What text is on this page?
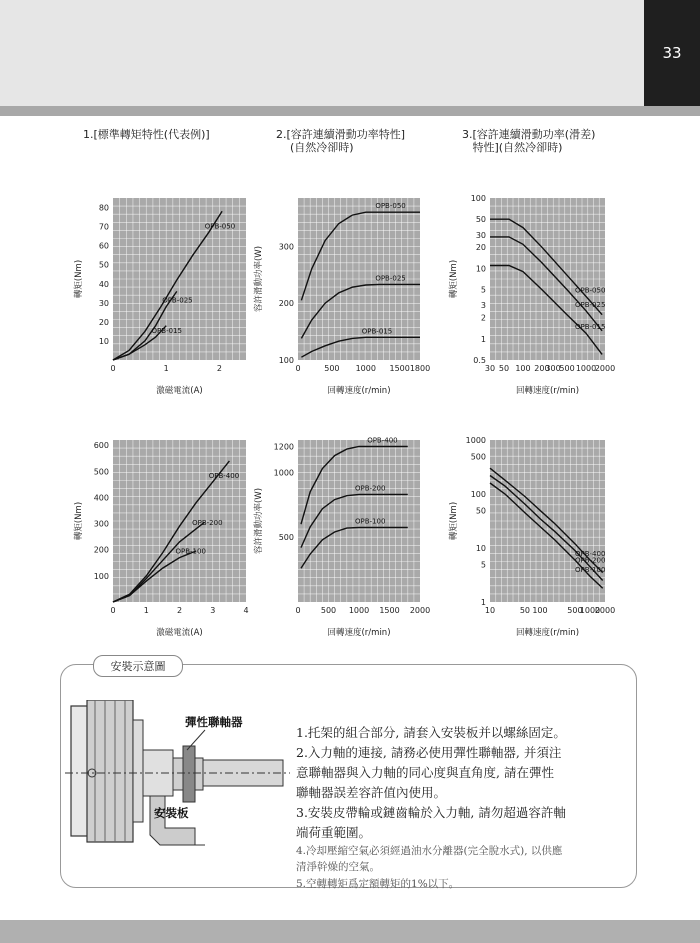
33
1.[標準轉矩特性(代表例)]	2.[容許連續滑動功率特性]
(自然冷卻時)
3.[容許連續滑動功率(滑差)
特性](自然冷卻時)
0	1	2
10
20
30
40
50
60
70
80
激磁電流(A)
轉矩(Nm)
OPB-050
OPB-025
OPB-015
0	500 1000 1500 1800
100
200
300
回轉速度(r/min)
容許滑動功率(W)
OPB-050
OPB-025
OPB-015
30 50 100 200
300
500 1000
2000
0.5
1
2
3
5
10
20
30
50
100
回轉速度(r/min)
轉矩(Nm)	OPB-050
OPB-025
OPB-015
0	1	2	3	4
100
200
300
400
500
600
激磁電流(A)
轉矩(Nm)
OPB-400
OPB-200
OPB-100
0	500 1000 1500 2000
500
1000
1200
回轉速度(r/min)
容許滑動功率(W)
OPB-400
OPB-200
OPB-100
10	50 100 500
1000
2000
1
5
10
50
100
500
1000
回轉速度(r/min)
轉矩(Nm)
OPB-400
OPB-200
OPB-100
安裝示意圖
彈性聯軸器
安裝板
1.托架的組合部分, 請套入安裝板并以螺絲固定。
2.入力軸的連接, 請務必使用彈性聯軸器, 并須注
意聯軸器與入力軸的同心度與直角度, 請在彈性
聯軸器誤差容許值內使用。
3.安裝皮帶輪或鏈齒輪於入力軸, 請勿超過容許軸
端荷重範圍。
4.冷却壓縮空氣必須經過油水分離器(完全脫水式), 以供應
清淨幹燥的空氣。
5.空轉轉矩爲定額轉矩的1%以下。
